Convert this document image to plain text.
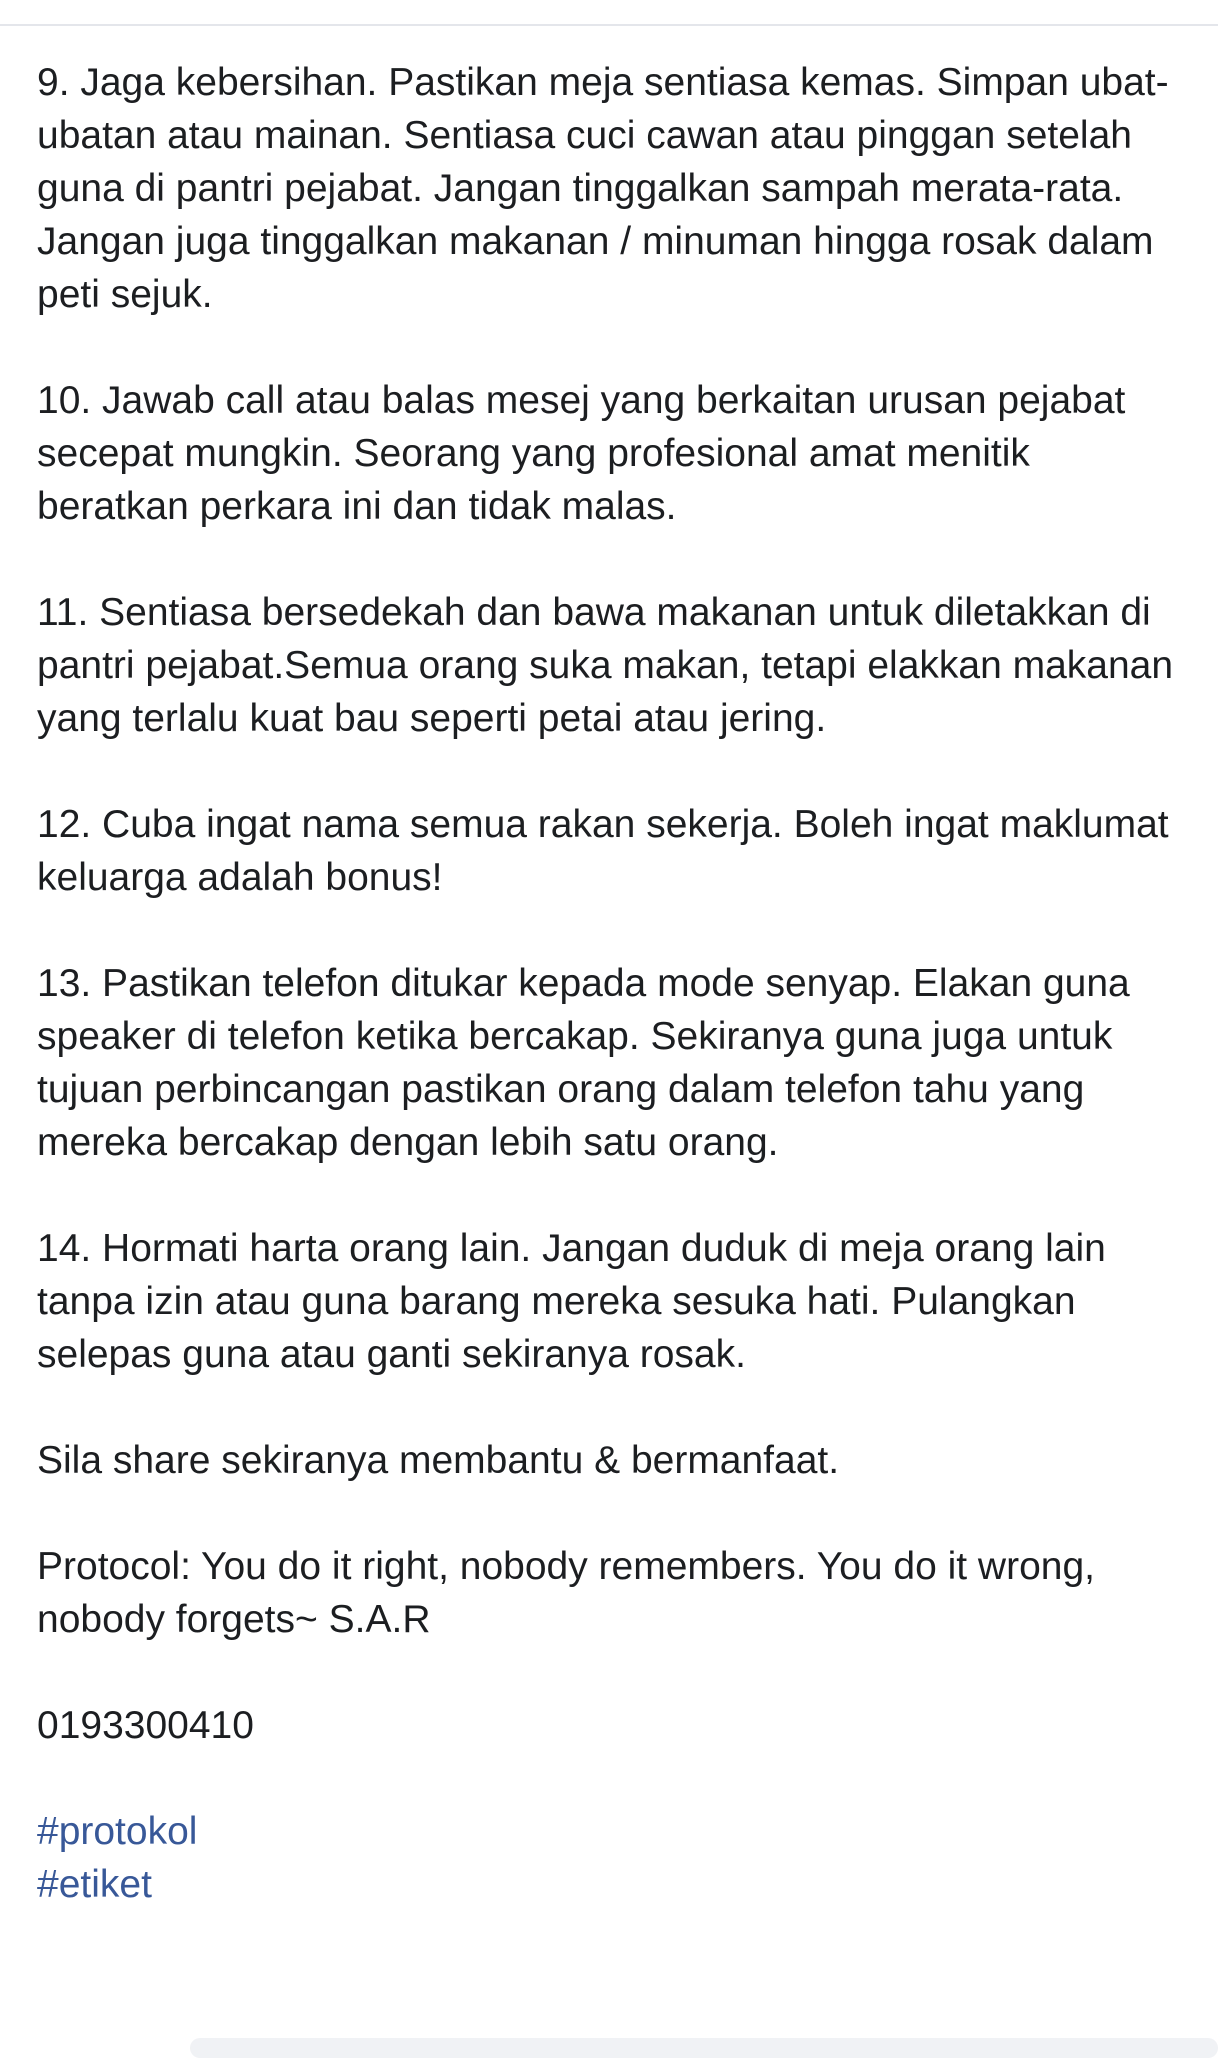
9. Jaga kebersihan. Pastikan meja sentiasa kemas. Simpan ubat-ubatan atau mainan. Sentiasa cuci cawan atau pinggan setelah guna di pantri pejabat. Jangan tinggalkan sampah merata-rata. Jangan juga tinggalkan makanan / minuman hingga rosak dalam peti sejuk.

10. Jawab call atau balas mesej yang berkaitan urusan pejabat secepat mungkin. Seorang yang profesional amat menitik beratkan perkara ini dan tidak malas.

11. Sentiasa bersedekah dan bawa makanan untuk diletakkan di pantri pejabat.Semua orang suka makan, tetapi elakkan makanan yang terlalu kuat bau seperti petai atau jering.

12. Cuba ingat nama semua rakan sekerja. Boleh ingat maklumat keluarga adalah bonus!

13. Pastikan telefon ditukar kepada mode senyap. Elakan guna speaker di telefon ketika bercakap. Sekiranya guna juga untuk tujuan perbincangan pastikan orang dalam telefon tahu yang mereka bercakap dengan lebih satu orang.

14. Hormati harta orang lain. Jangan duduk di meja orang lain tanpa izin atau guna barang mereka sesuka hati. Pulangkan selepas guna atau ganti sekiranya rosak.

Sila share sekiranya membantu & bermanfaat.

Protocol: You do it right, nobody remembers. You do it wrong, nobody forgets~ S.A.R

0193300410

#protokol
#etiket
